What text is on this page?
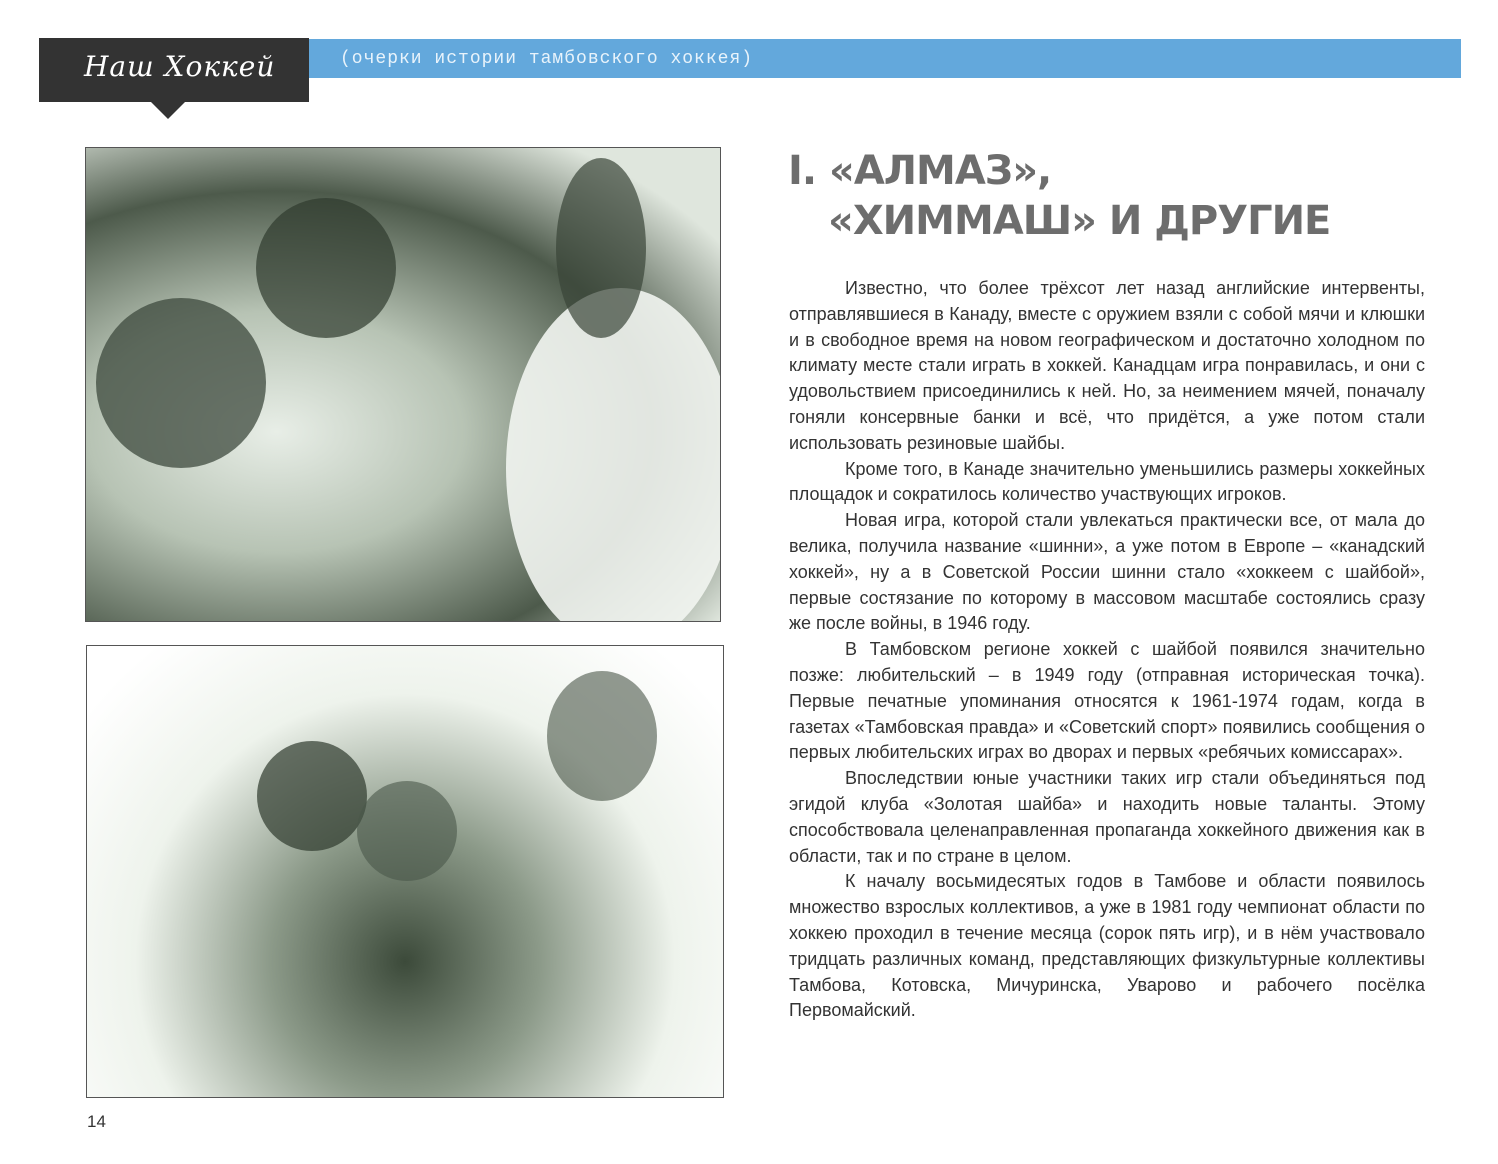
Наш Хоккей	(очерки истории тамбовского хоккея)
I. «АЛМАЗ»,
«ХИММАШ» И ДРУГИЕ

Известно, что более трёхсот лет назад английские интервенты, отправлявшиеся в Канаду, вместе с оружием взяли с собой мячи и клюшки и в свободное время на новом географическом и достаточно холодном по климату месте стали играть в хоккей. Канадцам игра понравилась, и они с удовольствием присоединились к ней. Но, за неимением мячей, поначалу гоняли консервные банки и всё, что придётся, а уже потом стали использовать резиновые шайбы.

Кроме того, в Канаде значительно уменьшились размеры хоккейных площадок и сократилось количество участвующих игроков.

Новая игра, которой стали увлекаться практически все, от мала до велика, получила название «шинни», а уже потом в Европе – «канадский хоккей», ну а в Советской России шинни стало «хоккеем с шайбой», первые состязание по которому в массовом масштабе состоялись сразу же после войны, в 1946 году.

В Тамбовском регионе хоккей с шайбой появился значительно позже: любительский – в 1949 году (отправная историческая точка). Первые печатные упоминания относятся к 1961-1974 годам, когда в газетах «Тамбовская правда» и «Советский спорт» появились сообщения о первых любительских играх во дворах и первых «ребячьих комиссарах».

Впоследствии юные участники таких игр стали объединяться под эгидой клуба «Золотая шайба» и находить новые таланты. Этому способствовала целенаправленная пропаганда хоккейного движения как в области, так и по стране в целом.

К началу восьмидесятых годов в Тамбове и области появилось множество взрослых коллективов, а уже в 1981 году чемпионат области по хоккею проходил в течение месяца (сорок пять игр), и в нём участвовало тридцать различных команд, представляющих физкультурные коллективы Тамбова, Котовска, Мичуринска, Уварово и рабочего посёлка Первомайский.

14
